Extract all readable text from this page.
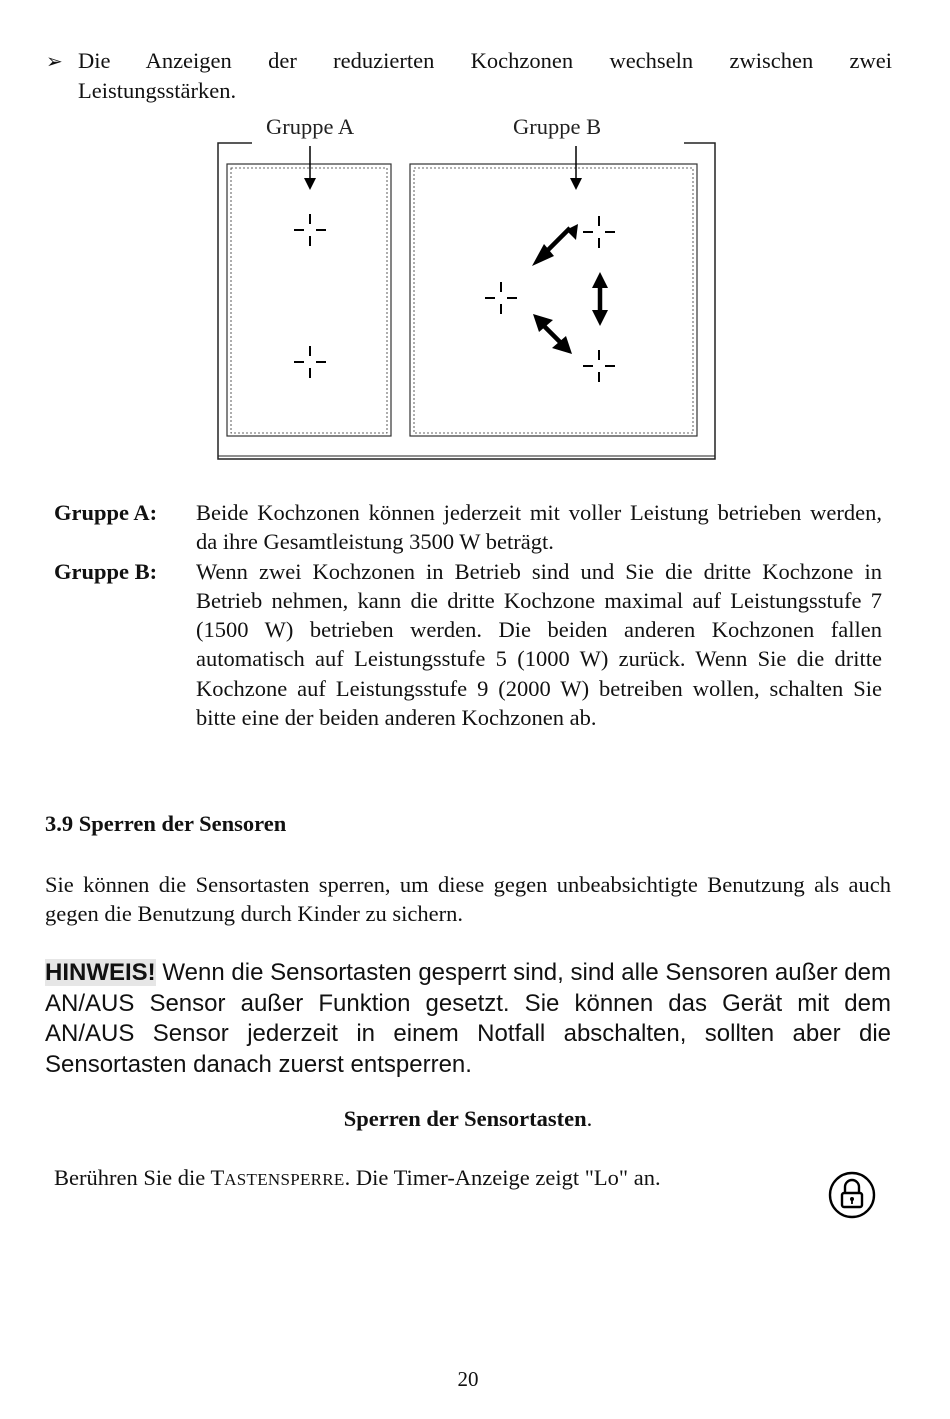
➢ Die Anzeigen der reduzierten Kochzonen wechseln zwischen zwei
Leistungsstärken.
Gruppe A	Gruppe B
Gruppe A:	Beide Kochzonen können jederzeit mit voller Leistung betrieben werden, da ihre Gesamtleistung 3500 W beträgt.
Gruppe B:	Wenn zwei Kochzonen in Betrieb sind und Sie die dritte Kochzone in Betrieb nehmen, kann die dritte Kochzone maximal auf Leistungsstufe 7 (1500 W) betrieben werden. Die beiden anderen Kochzonen fallen automatisch auf Leistungsstufe 5 (1000 W) zurück. Wenn Sie die dritte Kochzone auf Leistungsstufe 9 (2000 W) betreiben wollen, schalten Sie bitte eine der beiden anderen Kochzonen ab.
3.9 Sperren der Sensoren
Sie können die Sensortasten sperren, um diese gegen unbeabsichtigte Benutzung als auch gegen die Benutzung durch Kinder zu sichern.
HINWEIS! Wenn die Sensortasten gesperrt sind, sind alle Sensoren außer dem AN/AUS Sensor außer Funktion gesetzt. Sie können das Gerät mit dem AN/AUS Sensor jederzeit in einem Notfall abschalten, sollten aber die Sensortasten danach zuerst entsperren.
Sperren der Sensortasten.
Berühren Sie die TASTENSPERRE. Die Timer-Anzeige zeigt "Lo" an.
20
